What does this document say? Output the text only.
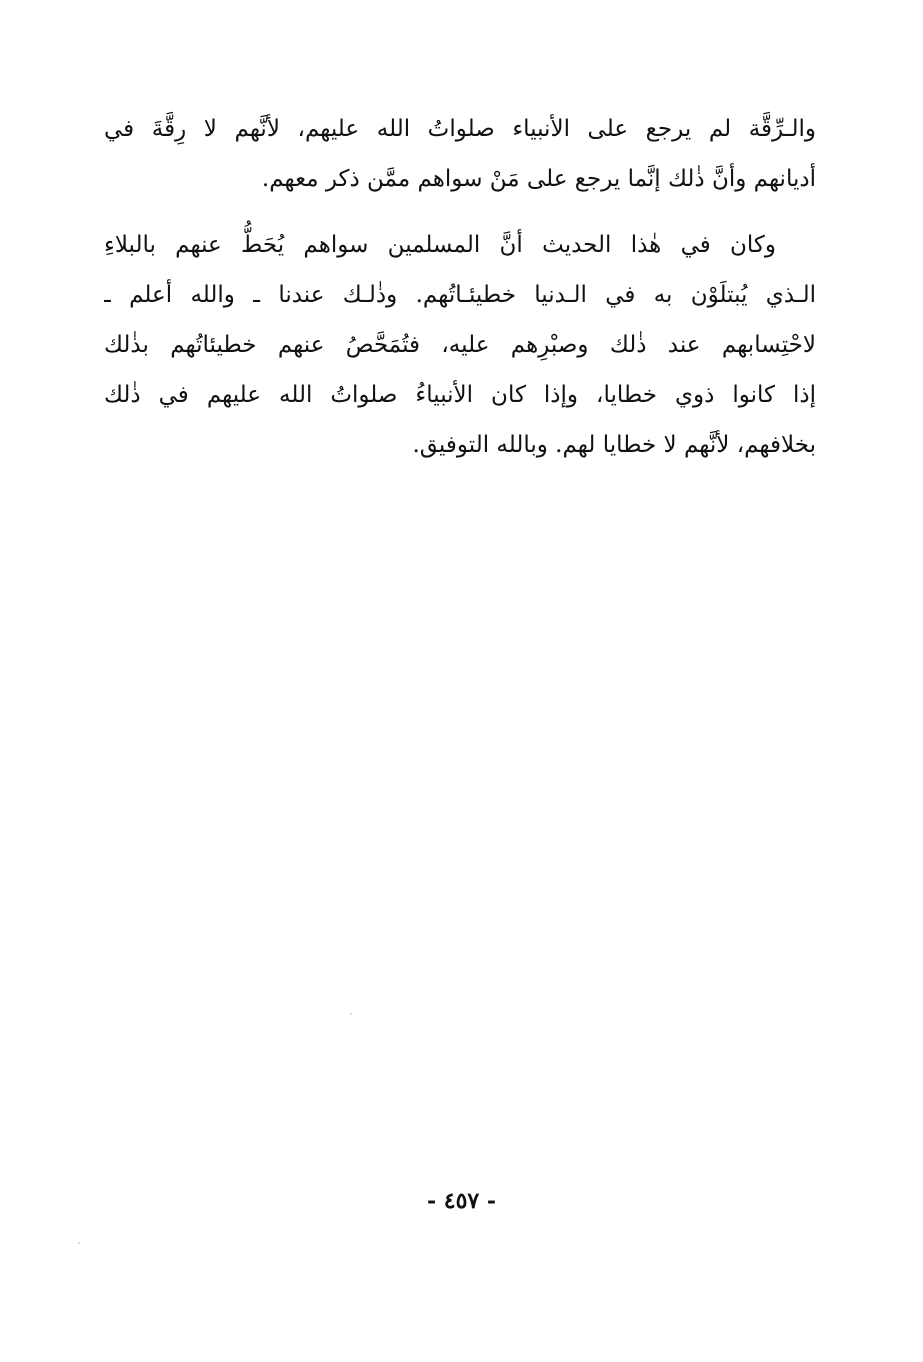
والـرِّقَّة لم يرجع على الأنبياء صلواتُ الله عليهم، لأنَّهم لا رِقَّةَ في
أديانهم وأنَّ ذٰلك إنَّما يرجع على مَنْ سواهم ممَّن ذكر معهم.

وكان في هٰذا الحديث أنَّ المسلمين سواهم يُحَطُّ عنهم بالبلاءِ
الـذي يُبتلَوْن به في الـدنيا خطيئـاتُهم. وذٰلـك عندنا ـ والله أعلم ـ
لاحْتِسابهم عند ذٰلك وصبْرِهم عليه، فتُمَحَّصُ عنهم خطيئاتُهم بذٰلك
إذا كانوا ذوي خطايا، وإذا كان الأنبياءُ صلواتُ الله عليهم في ذٰلك
بخلافهم، لأنَّهم لا خطايا لهم. وبالله التوفيق.

- ٤٥٧ -
